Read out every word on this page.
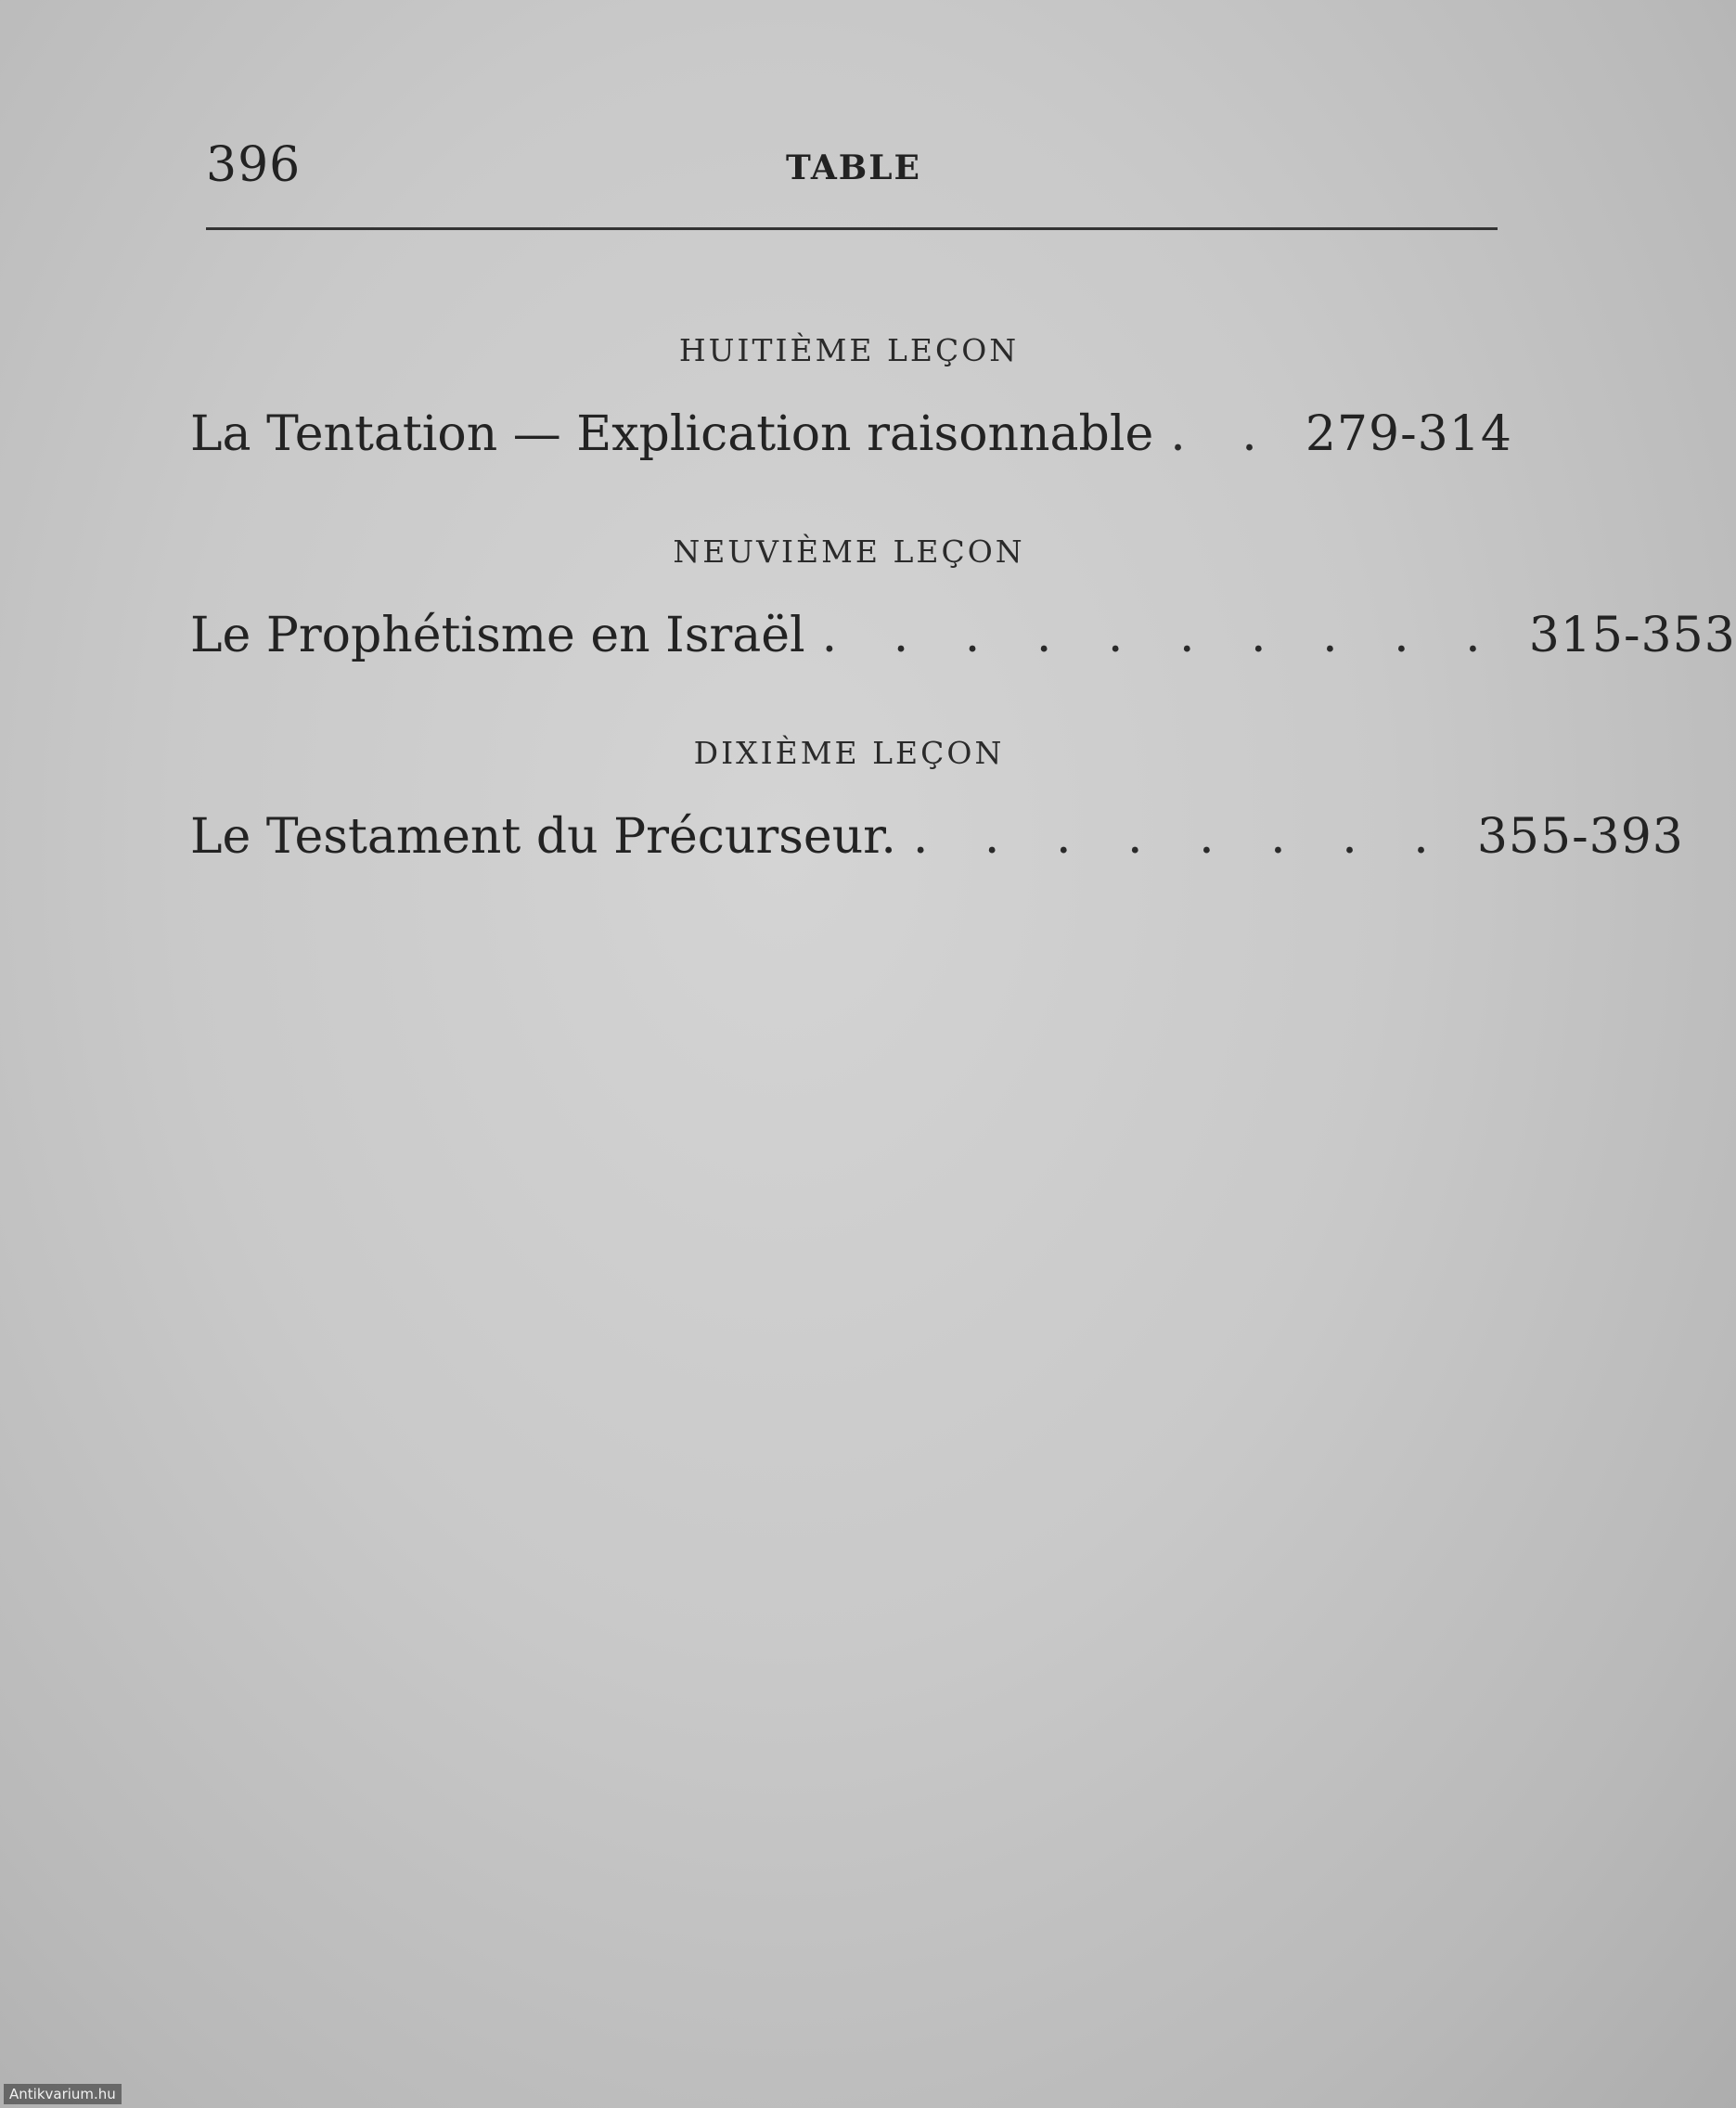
396	TABLE
HUITIÈME LEÇON
La Tentation — Explication raisonnable . . 279-314
NEUVIÈME LEÇON
Le Prophétisme en Israël . . . . . . . . . . 315-353
DIXIÈME LEÇON
Le Testament du Précurseur. . . . . . . . . 355-393
Antikvarium.hu
